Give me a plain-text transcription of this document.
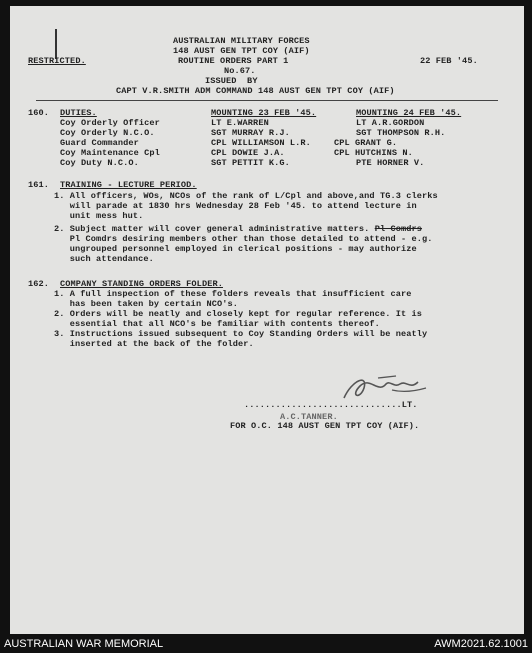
AUSTRALIAN MILITARY FORCES
148 AUST GEN TPT COY (AIF)
RESTRICTED.	ROUTINE ORDERS PART 1	22 FEB '45.
No.67.
ISSUED  BY
CAPT V.R.SMITH ADM COMMAND 148 AUST GEN TPT COY (AIF)
160. DUTIES.	MOUNTING 23 FEB '45.	MOUNTING 24 FEB '45.
Coy Orderly Officer	LT E.WARREN	LT A.R.GORDON
Coy Orderly N.C.O.	SGT MURRAY R.J.	SGT THOMPSON R.H.
Guard Commander	CPL WILLIAMSON L.R.	CPL GRANT G.
Coy Maintenance Cpl	CPL DOWIE J.A.	CPL HUTCHINS N.
Coy Duty N.C.O.	SGT PETTIT K.G.	PTE HORNER V.
161. TRAINING - LECTURE PERIOD.
1. All officers, WOs, NCOs of the rank of L/Cpl and above,and TG.3 clerks
will parade at 1830 hrs Wednesday 28 Feb '45. to attend lecture in
unit mess hut.
2. Subject matter will cover general administrative matters. Pl Comdrs
Pl Comdrs desiring members other than those detailed to attend - e.g.
ungrouped personnel employed in clerical positions - may authorize
such attendance.
162. COMPANY STANDING ORDERS FOLDER.
1. A full inspection of these folders reveals that insufficient care
has been taken by certain NCO's.
2. Orders will be neatly and closely kept for regular reference. It is
essential that all NCO's be familiar with contents thereof.
3. Instructions issued subsequent to Coy Standing Orders will be neatly
inserted at the back of the folder.
..............................LT.
A.C.TANNER.
FOR O.C. 148 AUST GEN TPT COY (AIF).
AUSTRALIAN WAR MEMORIAL	AWM2021.62.1001
